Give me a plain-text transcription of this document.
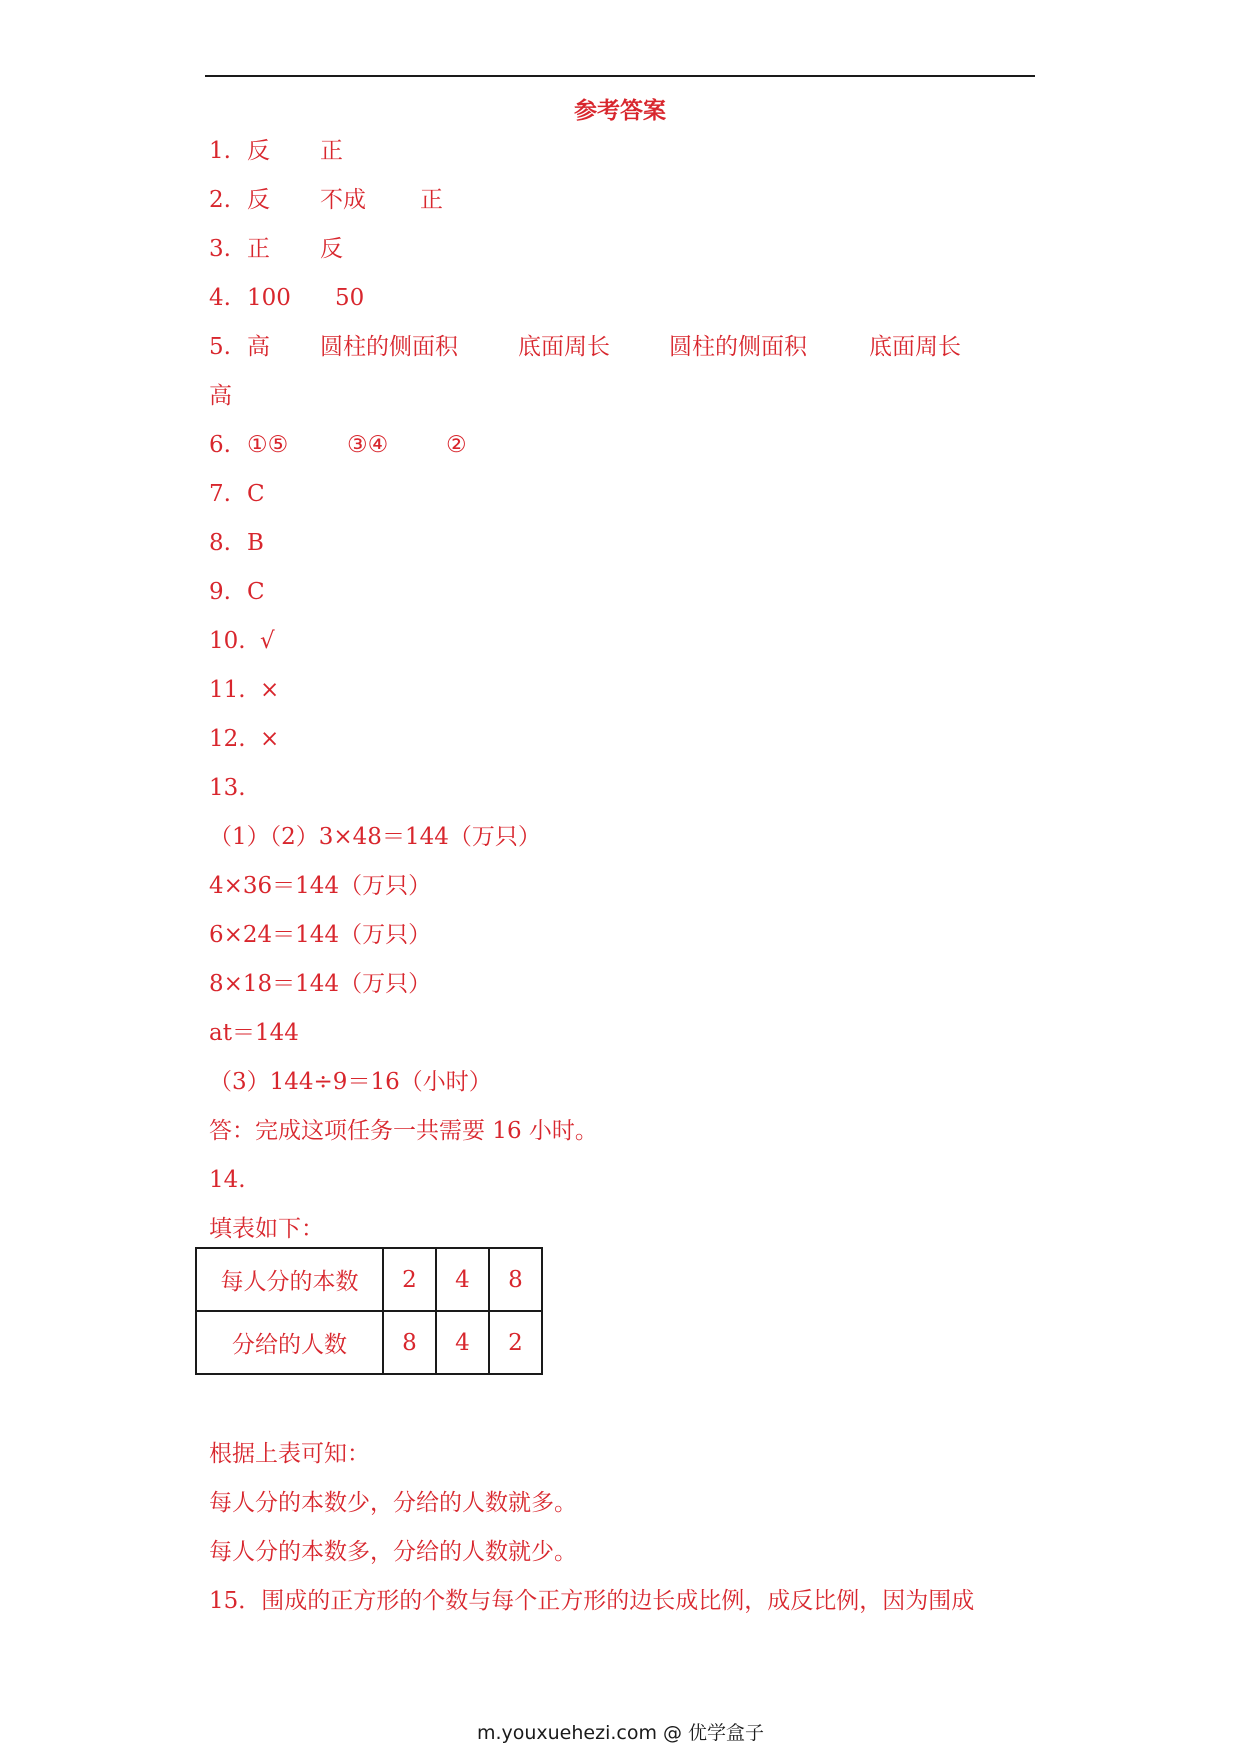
参考答案
1. 反 正
2. 反 不成 正
3. 正 反
4. 100 50
5. 高 圆柱的侧面积	底面周长	圆柱的侧面积	底面周长
高
6. ①⑤	③④	②
7. C
8. B
9. C
10. √
11. ×
12. ×
13.
（1）（2）3×48＝144（万只）
4×36＝144（万只）
6×24＝144（万只）
8×18＝144（万只）
at＝144
（3）144÷9＝16（小时）
答：完成这项任务一共需要 16 小时。
14.
填表如下：
每人分的本数	2	4	8
分给的人数	8	4	2
根据上表可知：
每人分的本数少，分给的人数就多。
每人分的本数多，分给的人数就少。
15．围成的正方形的个数与每个正方形的边长成比例，成反比例，因为围成
m.youxuehezi.com @ 优学盒子
